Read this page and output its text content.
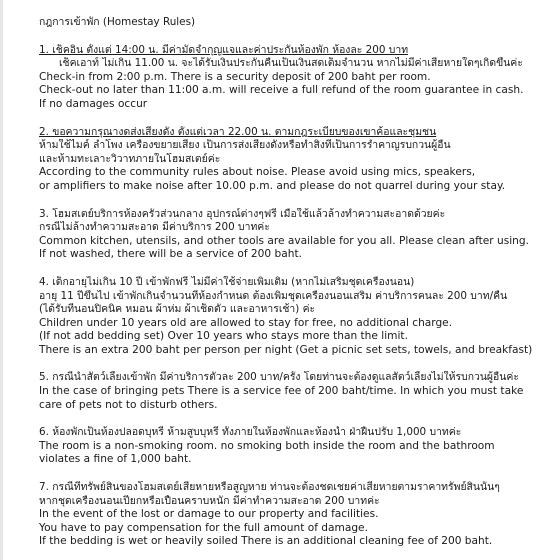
กฎการเข้าพัก (Homestay Rules)
1. เช็คอิน ตั้งแต่ 14:00 น. มีค่ามัดจำกุญแจและค่าประกันห้องพัก ห้องละ 200 บาท
เช็คเอาท์ ไม่เกิน 11.00 น. จะได้รับเงินประกันคืนเป็นเงินสดเต็มจำนวน หากไม่มีค่าเสียหายใดๆเกิดขึ้นค่ะ
Check-in from 2:00 p.m. There is a security deposit of 200 baht per room.
Check-out no later than 11:00 a.m. will receive a full refund of the room guarantee in cash.
If no damages occur
2. ขอความกรุณางดส่งเสียงดัง ตั้งแต่เวลา 22.00 น. ตามกฎระเบียบของเขาค้อและชุมชน
ห้ามใช้ไมค์ ลำโพง เครื่องขยายเสียง เป็นการส่งเสียงดังหรือทำสิ่งที่เป็นการรำคาญรบกวนผู้อื่น
และห้ามทะเลาะวิวาทภายในโฮมสเตย์ค่ะ
According to the community rules about noise. Please avoid using mics, speakers,
or amplifiers to make noise after 10.00 p.m. and please do not quarrel during your stay.
3. โฮมสเตย์บริการห้องครัวส่วนกลาง อุปกรณ์ต่างๆฟรี เมื่อใช้แล้วล้างทำความสะอาดด้วยค่ะ
กรณีไม่ล้างทำความสะอาด มีค่าบริการ 200 บาทค่ะ
Common kitchen, utensils, and other tools are available for you all. Please clean after using.
If not washed, there will be a service of 200 baht.
4. เด็กอายุไม่เกิน 10 ปี เข้าพักฟรี ไม่มีค่าใช้จ่ายเพิ่มเติม (หากไม่เสริมชุดเครื่องนอน)
อายุ 11 ปีขึ้นไป เข้าพักเกินจำนวนที่ห้องกำหนด ต้องเพิ่มชุดเครื่องนอนเสริม ค่าบริการคนละ 200 บาท/คืน
(ได้รับที่นอนปิคนิค หมอน ผ้าห่ม ผ้าเช็ดตัว และอาหารเช้า) ค่ะ
Children under 10 years old are allowed to stay for free, no additional charge.
(If not add bedding set) Over 10 years who stays more than the limit.
There is an extra 200 baht per person per night (Get a picnic set sets, towels, and breakfast)
5. กรณีนำสัตว์เลี้ยงเข้าพัก มีค่าบริการตัวละ 200 บาท/ครั้ง โดยท่านจะต้องดูแลสัตว์เลี้ยงไม่ให้รบกวนผู้อื่นค่ะ
In the case of bringing pets There is a service fee of 200 baht/time. In which you must take
care of pets not to disturb others.
6. ห้องพักเป็นห้องปลอดบุหรี่ ห้ามสูบบุหรี่ ทั้งภายในห้องพักและห้องน้ำ ฝ่าฝืนปรับ 1,000 บาทค่ะ
The room is a non-smoking room. no smoking both inside the room and the bathroom
violates a fine of 1,000 baht.
7. กรณีที่ทรัพย์สินของโฮมสเตย์เสียหายหรือสูญหาย ท่านจะต้องชดเชยค่าเสียหายตามราคาทรัพย์สินนั้นๆ
หากชุดเครื่องนอนเปียกหรือเปื้อนคราบหนัก มีค่าทำความสะอาด 200 บาทค่ะ
In the event of the lost or damage to our property and facilities.
You have to pay compensation for the full amount of damage.
If the bedding is wet or heavily soiled There is an additional cleaning fee of 200 baht.
